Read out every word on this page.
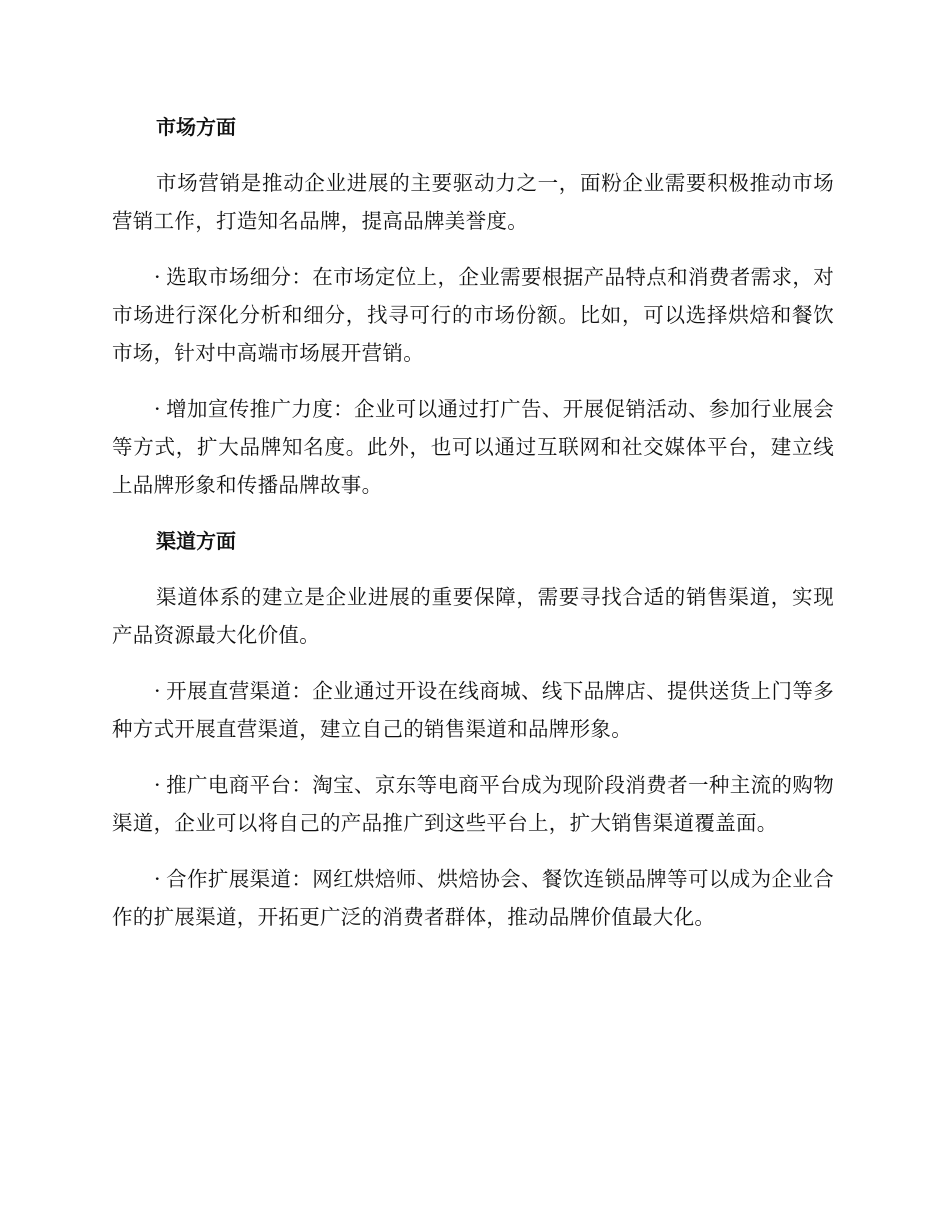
市场方面

市场营销是推动企业进展的主要驱动力之一，面粉企业需要积极推动市场营销工作，打造知名品牌，提高品牌美誉度。

· 选取市场细分：在市场定位上，企业需要根据产品特点和消费者需求，对市场进行深化分析和细分，找寻可行的市场份额。比如，可以选择烘焙和餐饮市场，针对中高端市场展开营销。

· 增加宣传推广力度：企业可以通过打广告、开展促销活动、参加行业展会等方式，扩大品牌知名度。此外，也可以通过互联网和社交媒体平台，建立线上品牌形象和传播品牌故事。

渠道方面

渠道体系的建立是企业进展的重要保障，需要寻找合适的销售渠道，实现产品资源最大化价值。

· 开展直营渠道：企业通过开设在线商城、线下品牌店、提供送货上门等多种方式开展直营渠道，建立自己的销售渠道和品牌形象。

· 推广电商平台：淘宝、京东等电商平台成为现阶段消费者一种主流的购物渠道，企业可以将自己的产品推广到这些平台上，扩大销售渠道覆盖面。

· 合作扩展渠道：网红烘焙师、烘焙协会、餐饮连锁品牌等可以成为企业合作的扩展渠道，开拓更广泛的消费者群体，推动品牌价值最大化。
